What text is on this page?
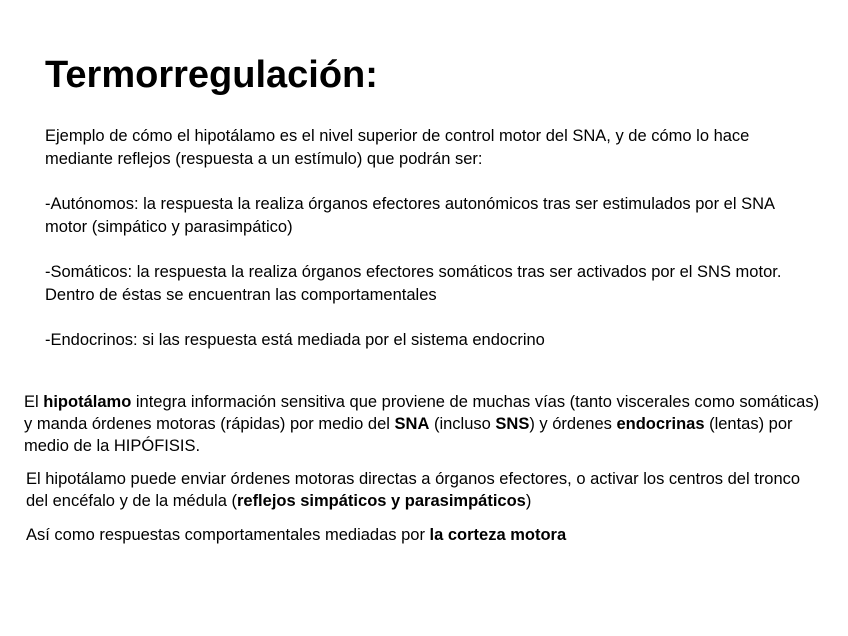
Termorregulación:

Ejemplo de cómo el hipotálamo es el nivel superior de control motor del SNA, y de cómo lo hace mediante reflejos (respuesta a un estímulo) que podrán ser:

-Autónomos: la respuesta la realiza órganos efectores autonómicos tras ser estimulados por el SNA motor (simpático y parasimpático)

-Somáticos: la respuesta la realiza órganos efectores somáticos tras ser activados por el SNS motor. Dentro de éstas se encuentran las comportamentales

-Endocrinos: si las respuesta está mediada por el sistema endocrino

El hipotálamo integra información sensitiva que proviene de muchas vías (tanto viscerales como somáticas) y manda órdenes motoras (rápidas) por medio del SNA (incluso SNS) y órdenes endocrinas (lentas) por medio de la HIPÓFISIS.

El hipotálamo puede enviar órdenes motoras directas a órganos efectores, o activar los centros del tronco del encéfalo y de la médula (reflejos simpáticos y parasimpáticos)

Así como respuestas comportamentales mediadas por la corteza motora
